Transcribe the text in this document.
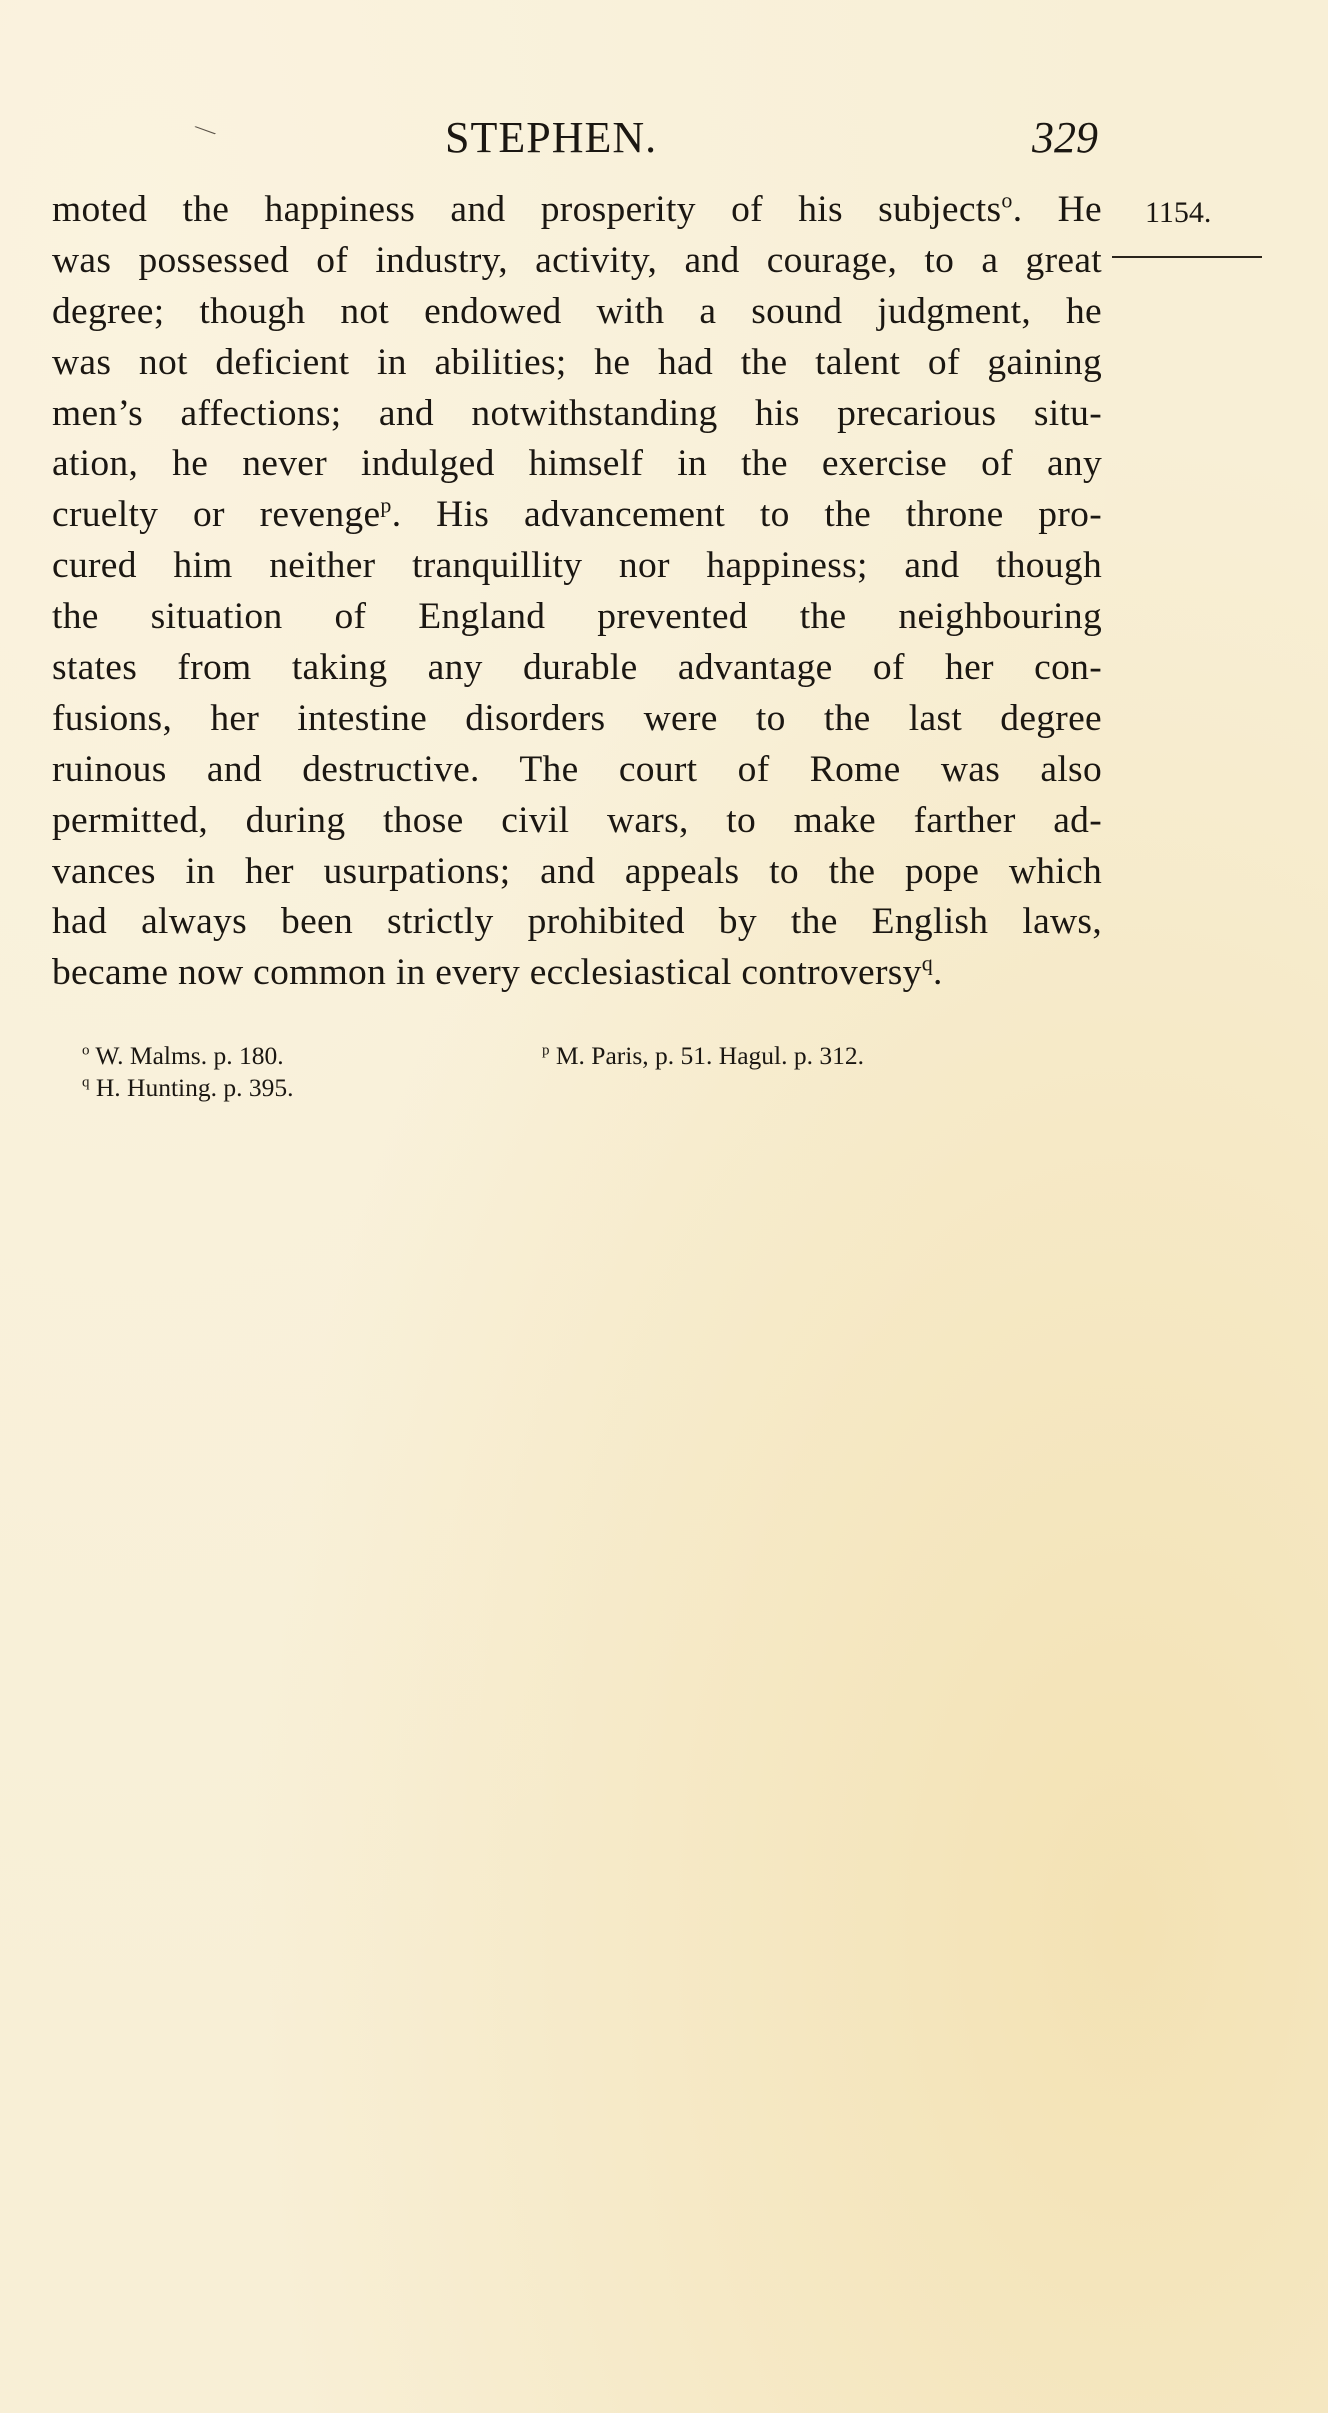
⟍	STEPHEN.	329
1154.
moted the happiness and prosperity of his subjects$^o$. He
was possessed of industry, activity, and courage, to a great
degree; though not endowed with a sound judgment, he
was not deficient in abilities; he had the talent of gaining
men’s affections; and notwithstanding his precarious situ-
ation, he never indulged himself in the exercise of any
cruelty or revenge$^p$. His advancement to the throne pro-
cured him neither tranquillity nor happiness; and though
the situation of England prevented the neighbouring
states from taking any durable advantage of her con-
fusions, her intestine disorders were to the last degree
ruinous and destructive. The court of Rome was also
permitted, during those civil wars, to make farther ad-
vances in her usurpations; and appeals to the pope which
had always been strictly prohibited by the English laws,
became now common in every ecclesiastical controversy$^q$.
$^o$ W. Malms. p. 180.	$^p$ M. Paris, p. 51. Hagul. p. 312.
$^q$ H. Hunting. p. 395.
